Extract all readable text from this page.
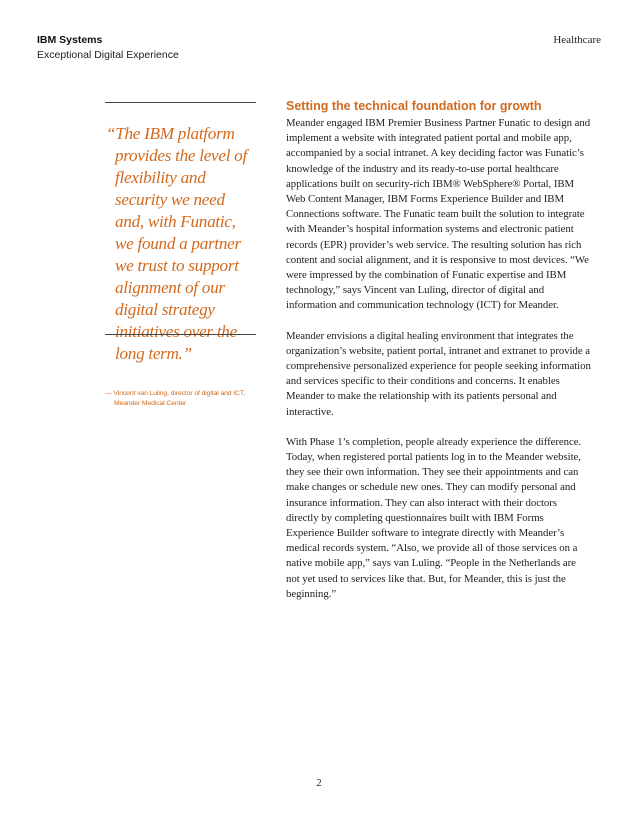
IBM Systems
Exceptional Digital Experience
Healthcare
“The IBM platform provides the level of flexibility and security we need and, with Funatic, we found a partner we trust to support alignment of our digital strategy initiatives over the long term.”
— Vincent van Luling, director of digital and ICT, Meander Medical Center
Setting the technical foundation for growth

Meander engaged IBM Premier Business Partner Funatic to design and implement a website with integrated patient portal and mobile app, accompanied by a social intranet. A key deciding factor was Funatic’s knowledge of the industry and its ready-to-use portal healthcare applications built on security-rich IBM® WebSphere® Portal, IBM Web Content Manager, IBM Forms Experience Builder and IBM Connections software. The Funatic team built the solution to integrate with Meander’s hospital information systems and electronic patient records (EPR) provider’s web service. The resulting solution has rich content and social alignment, and it is responsive to most devices. “We were impressed by the combination of Funatic expertise and IBM technology,” says Vincent van Luling, director of digital and information and communication technology (ICT) for Meander.

Meander envisions a digital healing environment that integrates the organization’s website, patient portal, intranet and extranet to provide a comprehensive personalized experience for people seeking information and services specific to their conditions and concerns. It enables Meander to make the relationship with its patients personal and interactive.

With Phase 1’s completion, people already experience the difference. Today, when registered portal patients log in to the Meander website, they see their own information. They see their appointments and can make changes or schedule new ones. They can modify personal and insurance information. They can also interact with their doctors directly by completing questionnaires built with IBM Forms Experience Builder software to integrate directly with Meander’s medical records system. “Also, we provide all of those services on a native mobile app,” says van Luling. “People in the Netherlands are not yet used to services like that. But, for Meander, this is just the beginning.”

2
